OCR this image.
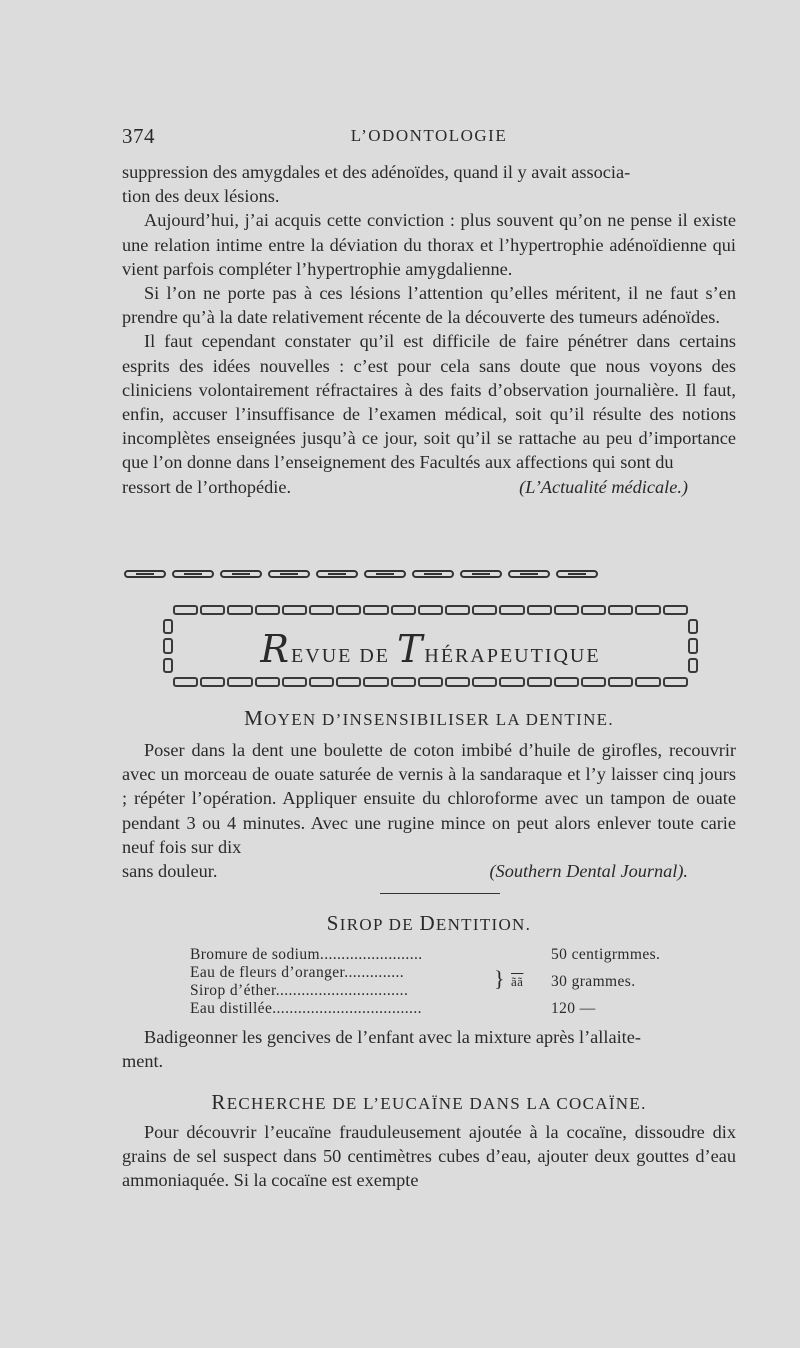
374	L’ODONTOLOGIE

suppression des amygdales et des adénoïdes, quand il y avait associa-

tion des deux lésions.

Aujourd’hui, j’ai acquis cette conviction : plus souvent qu’on ne pense il existe une relation intime entre la déviation du thorax et l’hypertrophie adénoïdienne qui vient parfois compléter l’hypertrophie amygdalienne.

Si l’on ne porte pas à ces lésions l’attention qu’elles méritent, il ne faut s’en prendre qu’à la date relativement récente de la découverte des tumeurs adénoïdes.

Il faut cependant constater qu’il est difficile de faire pénétrer dans certains esprits des idées nouvelles : c’est pour cela sans doute que nous voyons des cliniciens volontairement réfractaires à des faits d’observation journalière. Il faut, enfin, accuser l’insuffisance de l’examen médical, soit qu’il résulte des notions incomplètes enseignées jusqu’à ce jour, soit qu’il se rattache au peu d’importance que l’on donne dans l’enseignement des Facultés aux affections qui sont du

ressort de l’orthopédie.	(L’Actualité médicale.)
REVUE DE THÉRAPEUTIQUE
MOYEN D’INSENSIBILISER LA DENTINE.

Poser dans la dent une boulette de coton imbibé d’huile de girofles, recouvrir avec un morceau de ouate saturée de vernis à la sandaraque et l’y laisser cinq jours ; répéter l’opération. Appliquer ensuite du chloroforme avec un tampon de ouate pendant 3 ou 4 minutes. Avec une rugine mince on peut alors enlever toute carie neuf fois sur dix

sans douleur.	(Southern Dental Journal).
SIROP DE DENTITION.
Bromure de sodium........................	50 centigrmmes.
Eau de fleurs d’oranger..............	} $\overline{ãã}$ 30 grammes.
Sirop d’éther...............................
Eau distillée...................................	120 —

Badigeonner les gencives de l’enfant avec la mixture après l’allaite-

ment.

RECHERCHE DE L’EUCAÏNE DANS LA COCAÏNE.

Pour découvrir l’eucaïne frauduleusement ajoutée à la cocaïne, dissoudre dix grains de sel suspect dans 50 centimètres cubes d’eau, ajouter deux gouttes d’eau ammoniaquée. Si la cocaïne est exempte
